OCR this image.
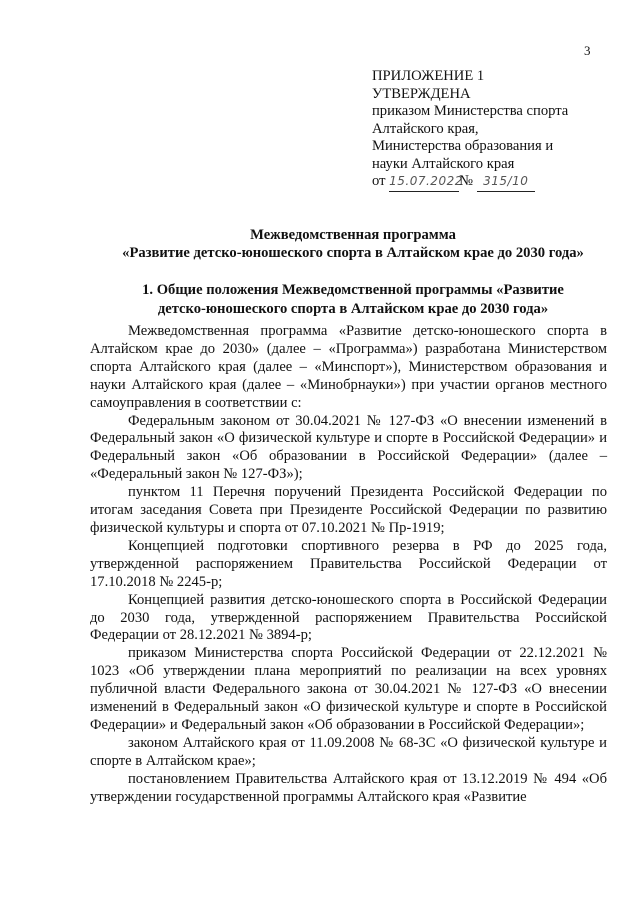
3

ПРИЛОЖЕНИЕ 1

УТВЕРЖДЕНА

приказом Министерства спорта

Алтайского края,

Министерства образования и

науки Алтайского края

от 15.07.2022№ 315/10

Межведомственная программа
«Развитие детско-юношеского спорта в Алтайском крае до 2030 года»
1. Общие положения Межведомственной программы «Развитие
детско-юношеского спорта в Алтайском крае до 2030 года»

Межведомственная программа «Развитие детско-юношеского спорта в Алтайском крае до 2030» (далее – «Программа») разработана Министерством спорта Алтайского края (далее – «Минспорт»), Министерством образования и науки Алтайского края (далее – «Минобрнауки») при участии органов местного самоуправления в соответствии с:

Федеральным законом от 30.04.2021 № 127-ФЗ «О внесении изменений в Федеральный закон «О физической культуре и спорте в Российской Федерации» и Федеральный закон «Об образовании в Российской Федерации» (далее – «Федеральный закон № 127-ФЗ»);

пунктом 11 Перечня поручений Президента Российской Федерации по итогам заседания Совета при Президенте Российской Федерации по развитию физической культуры и спорта от 07.10.2021 № Пр-1919;

Концепцией подготовки спортивного резерва в РФ до 2025 года, утвержденной распоряжением Правительства Российской Федерации от 17.10.2018 № 2245-р;

Концепцией развития детско-юношеского спорта в Российской Федерации до 2030 года, утвержденной распоряжением Правительства Российской Федерации от 28.12.2021 № 3894-р;

приказом Министерства спорта Российской Федерации от 22.12.2021 № 1023 «Об утверждении плана мероприятий по реализации на всех уровнях публичной власти Федерального закона от 30.04.2021 № 127-ФЗ «О внесении изменений в Федеральный закон «О физической культуре и спорте в Российской Федерации» и Федеральный закон «Об образовании в Российской Федерации»;

законом Алтайского края от 11.09.2008 № 68-ЗС «О физической культуре и спорте в Алтайском крае»;

постановлением Правительства Алтайского края от 13.12.2019 № 494 «Об утверждении государственной программы Алтайского края «Развитие
